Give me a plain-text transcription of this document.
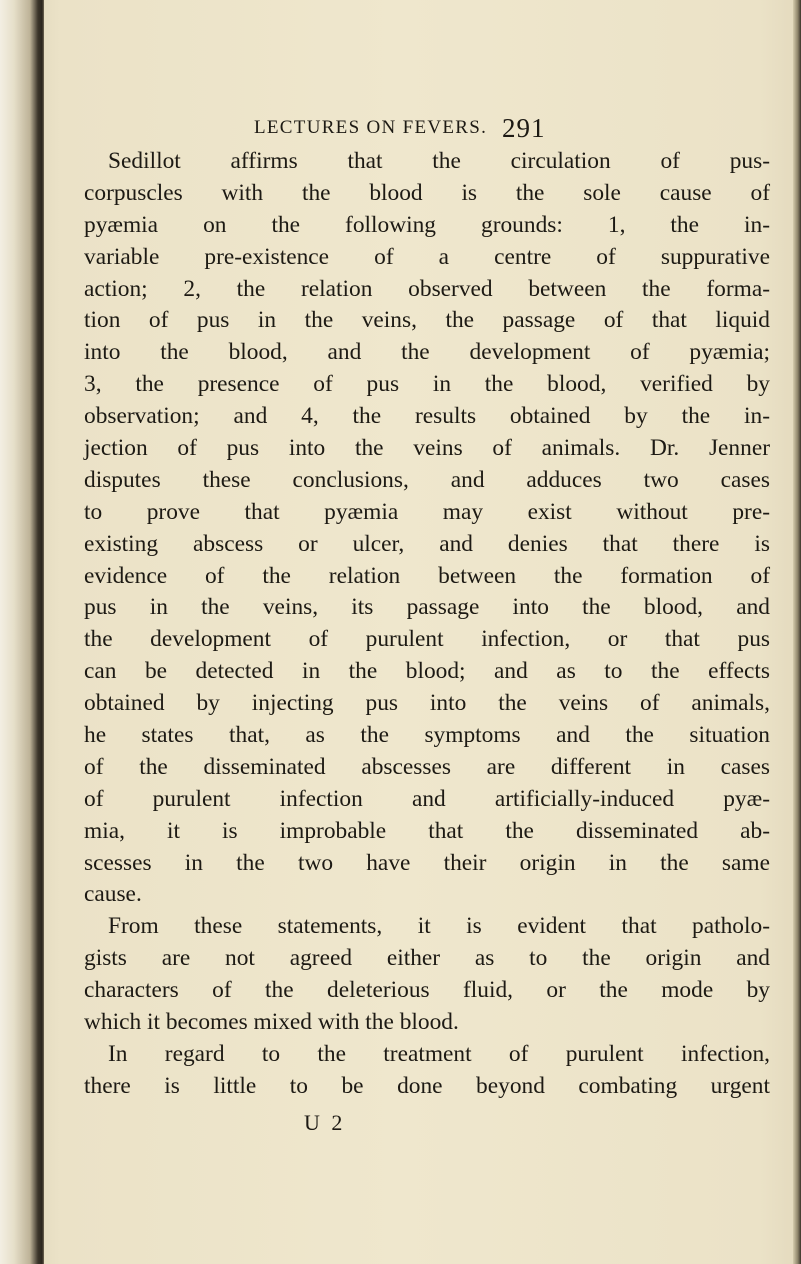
LECTURES ON FEVERS. 291
Sedillot affirms that the circulation of pus-
corpuscles with the blood is the sole cause of
pyæmia on the following grounds: 1, the in-
variable pre-existence of a centre of suppurative
action; 2, the relation observed between the forma-
tion of pus in the veins, the passage of that liquid
into the blood, and the development of pyæmia;
3, the presence of pus in the blood, verified by
observation; and 4, the results obtained by the in-
jection of pus into the veins of animals. Dr. Jenner
disputes these conclusions, and adduces two cases
to prove that pyæmia may exist without pre-
existing abscess or ulcer, and denies that there is
evidence of the relation between the formation of
pus in the veins, its passage into the blood, and
the development of purulent infection, or that pus
can be detected in the blood; and as to the effects
obtained by injecting pus into the veins of animals,
he states that, as the symptoms and the situation
of the disseminated abscesses are different in cases
of purulent infection and artificially-induced pyæ-
mia, it is improbable that the disseminated ab-
scesses in the two have their origin in the same
cause.
From these statements, it is evident that patholo-
gists are not agreed either as to the origin and
characters of the deleterious fluid, or the mode by
which it becomes mixed with the blood.
In regard to the treatment of purulent infection,
there is little to be done beyond combating urgent
U 2
